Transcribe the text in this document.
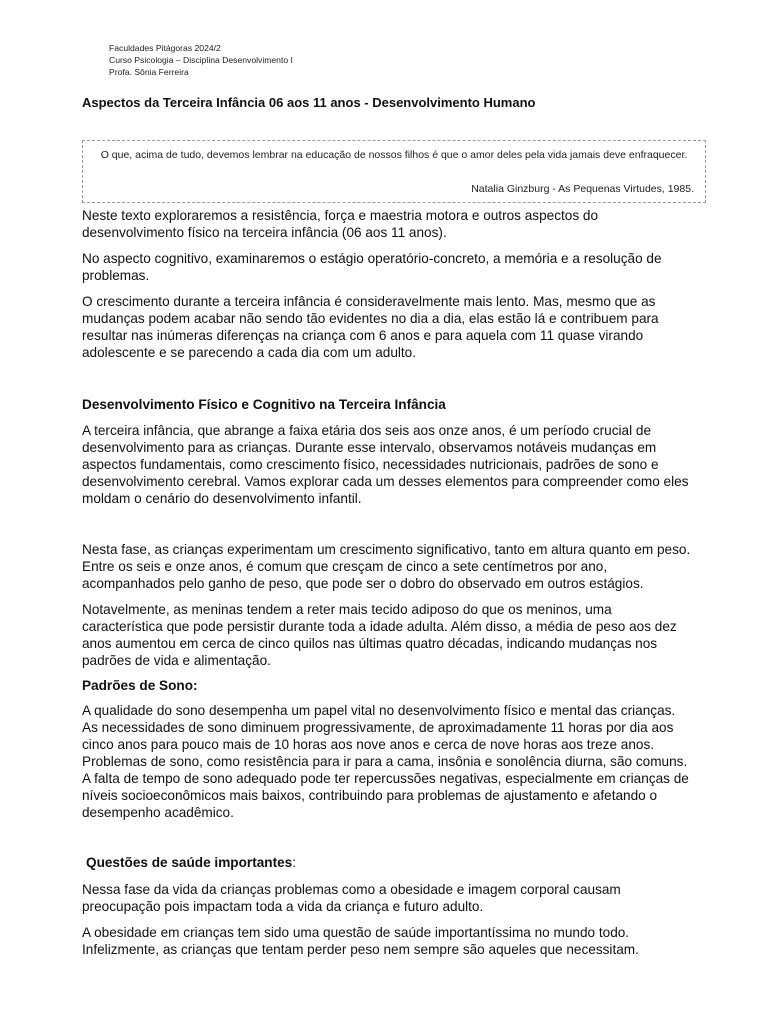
Faculdades Pitágoras 2024/2
Curso Psicologia – Disciplina Desenvolvimento I
Profa. Sônia Ferreira
Aspectos da Terceira Infância 06 aos 11 anos - Desenvolvimento Humano
O que, acima de tudo, devemos lembrar na educação de nossos filhos é que o amor deles pela vida jamais deve enfraquecer.
Natalia Ginzburg - As Pequenas Virtudes, 1985.

Neste texto exploraremos a resistência, força e maestria motora e outros aspectos do desenvolvimento físico na terceira infância (06 aos 11 anos).

No aspecto cognitivo, examinaremos o estágio operatório-concreto, a memória e a resolução de problemas.

O crescimento durante a terceira infância é consideravelmente mais lento. Mas, mesmo que as mudanças podem acabar não sendo tão evidentes no dia a dia, elas estão lá e contribuem para resultar nas inúmeras diferenças na criança com 6 anos e para aquela com 11 quase virando adolescente e se parecendo a cada dia com um adulto.

Desenvolvimento Físico e Cognitivo na Terceira Infância

A terceira infância, que abrange a faixa etária dos seis aos onze anos, é um período crucial de desenvolvimento para as crianças. Durante esse intervalo, observamos notáveis mudanças em aspectos fundamentais, como crescimento físico, necessidades nutricionais, padrões de sono e desenvolvimento cerebral. Vamos explorar cada um desses elementos para compreender como eles moldam o cenário do desenvolvimento infantil.

Nesta fase, as crianças experimentam um crescimento significativo, tanto em altura quanto em peso. Entre os seis e onze anos, é comum que cresçam de cinco a sete centímetros por ano, acompanhados pelo ganho de peso, que pode ser o dobro do observado em outros estágios.

Notavelmente, as meninas tendem a reter mais tecido adiposo do que os meninos, uma característica que pode persistir durante toda a idade adulta. Além disso, a média de peso aos dez anos aumentou em cerca de cinco quilos nas últimas quatro décadas, indicando mudanças nos padrões de vida e alimentação.

Padrões de Sono:

A qualidade do sono desempenha um papel vital no desenvolvimento físico e mental das crianças. As necessidades de sono diminuem progressivamente, de aproximadamente 11 horas por dia aos cinco anos para pouco mais de 10 horas aos nove anos e cerca de nove horas aos treze anos. Problemas de sono, como resistência para ir para a cama, insônia e sonolência diurna, são comuns. A falta de tempo de sono adequado pode ter repercussões negativas, especialmente em crianças de níveis socioeconômicos mais baixos, contribuindo para problemas de ajustamento e afetando o desempenho acadêmico.

Questões de saúde importantes:

Nessa fase da vida da crianças problemas como a obesidade e imagem corporal causam preocupação pois impactam toda a vida da criança e futuro adulto.

A obesidade em crianças tem sido uma questão de saúde importantíssima no mundo todo. Infelizmente, as crianças que tentam perder peso nem sempre são aqueles que necessitam.
